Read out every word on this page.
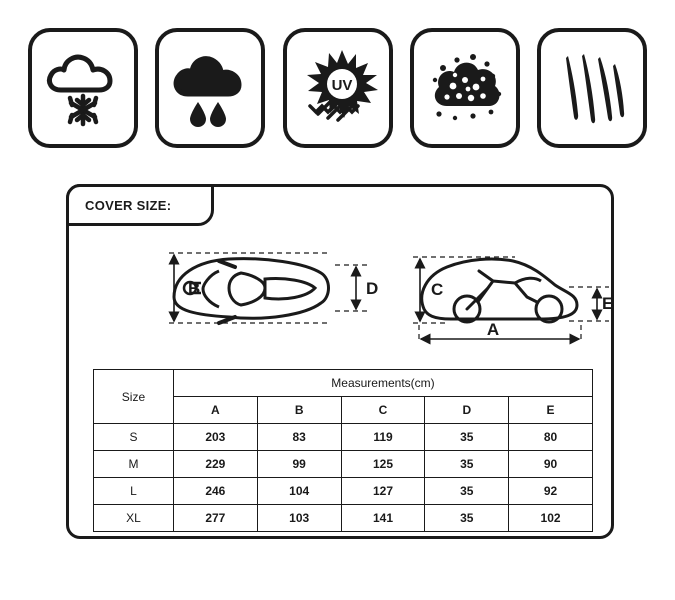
UV
COVER SIZE:
B	D	C
E
A
Size	Measurements(cm)				
	A	B	C	D	E
S	203	83	119	35	80
M	229	99	125	35	90
L	246	104	127	35	92
XL	277	103	141	35	102
